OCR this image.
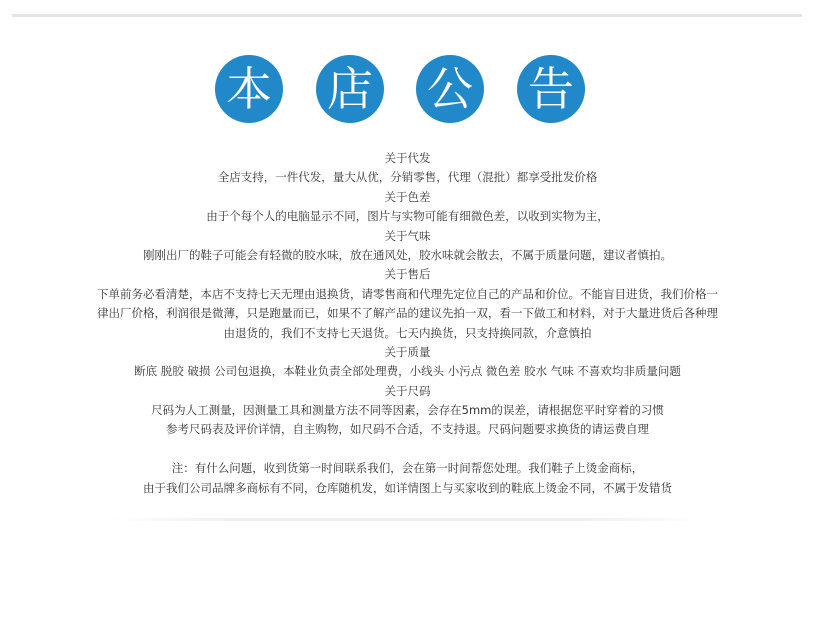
本 店 公 告
关于代发
全店支持，一件代发，量大从优，分销零售，代理（混批）都享受批发价格
关于色差
由于个每个人的电脑显示不同，图片与实物可能有细微色差，以收到实物为主，
关于气味
刚刚出厂的鞋子可能会有轻微的胶水味，放在通风处，胶水味就会散去，不属于质量问题，建议者慎拍。
关于售后
下单前务必看清楚，本店不支持七天无理由退换货，请零售商和代理先定位自己的产品和价位。不能盲目进货，我们价格一
律出厂价格，利润很是微薄，只是跑量而已，如果不了解产品的建议先拍一双，看一下做工和材料，对于大量进货后各种理
由退货的，我们不支持七天退货。七天内换货，只支持换同款，介意慎拍
关于质量
断底 脱胶 破损 公司包退换，本鞋业负责全部处理费，小线头 小污点 微色差 胶水 气味 不喜欢均非质量问题
关于尺码
尺码为人工测量，因测量工具和测量方法不同等因素，会存在5mm的误差，请根据您平时穿着的习惯
参考尺码表及评价详情，自主购物，如尺码不合适，不支持退。尺码问题要求换货的请运费自理
注：有什么问题，收到货第一时间联系我们，会在第一时间帮您处理。我们鞋子上烫金商标，
由于我们公司品牌多商标有不同，仓库随机发，如详情图上与买家收到的鞋底上烫金不同，不属于发错货
